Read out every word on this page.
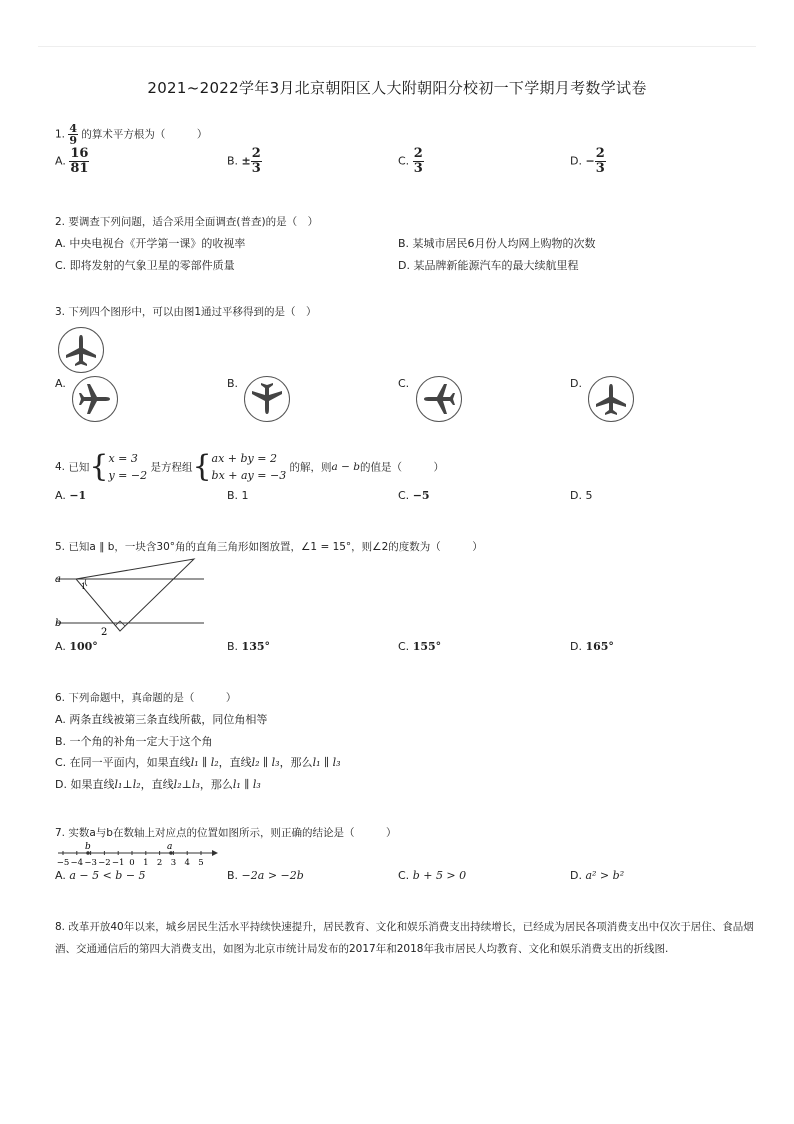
2021~2022学年3月北京朝阳区人大附朝阳分校初一下学期月考数学试卷
1. $\frac{4}{9}$ 的算术平方根为（　　　）
A. $\frac{16}{81}$	B. ± $\frac{2}{3}$	C. $\frac{2}{3}$	D. − $\frac{2}{3}$
2. 要调查下列问题，适合采用全面调查(普查)的是（　）
A. 中央电视台《开学第一课》的收视率	B. 某城市居民6月份人均网上购物的次数
C. 即将发射的气象卫星的零部件质量	D. 某品牌新能源汽车的最大续航里程
3. 下列四个图形中，可以由图1通过平移得到的是（　）
A.	B.	C.	D.
4. 已知{ x = 3
y = −2
是方程组{ ax + by = 2
bx + ay = −3
的解，则a − b的值是（　　　）
A. −1	B. 1	C. −5	D. 5
5. 已知a ∥ b，一块含30°角的直角三角形如图放置，∠1 = 15°，则∠2的度数为（　　　）
a
b
1
2
A. 100°	B. 135°	C. 155°	D. 165°
6. 下列命题中，真命题的是（　　　）
A. 两条直线被第三条直线所截，同位角相等
B. 一个角的补角一定大于这个角
C. 在同一平面内，如果直线l₁ ∥ l₂，直线l₂ ∥ l₃，那么l₁ ∥ l₃
D. 如果直线l₁⊥l₂，直线l₂⊥l₃，那么l₁ ∥ l₃
7. 实数a与b在数轴上对应点的位置如图所示，则正确的结论是（　　　）
−5 −4 −3 −2 −1 0 1 2 3 4 5
b	a
A. a − 5 < b − 5	B. −2a > −2b	C. b + 5 > 0	D. a² > b²
8. 改革开放40年以来，城乡居民生活水平持续快速提升，居民教育、文化和娱乐消费支出持续增长，已经成为居民各项消费支出中仅次于居住、食品烟酒、交通通信后的第四大消费支出，如图为北京市统计局发布的2017年和2018年我市居民人均教育、文化和娱乐消费支出的折线图.
